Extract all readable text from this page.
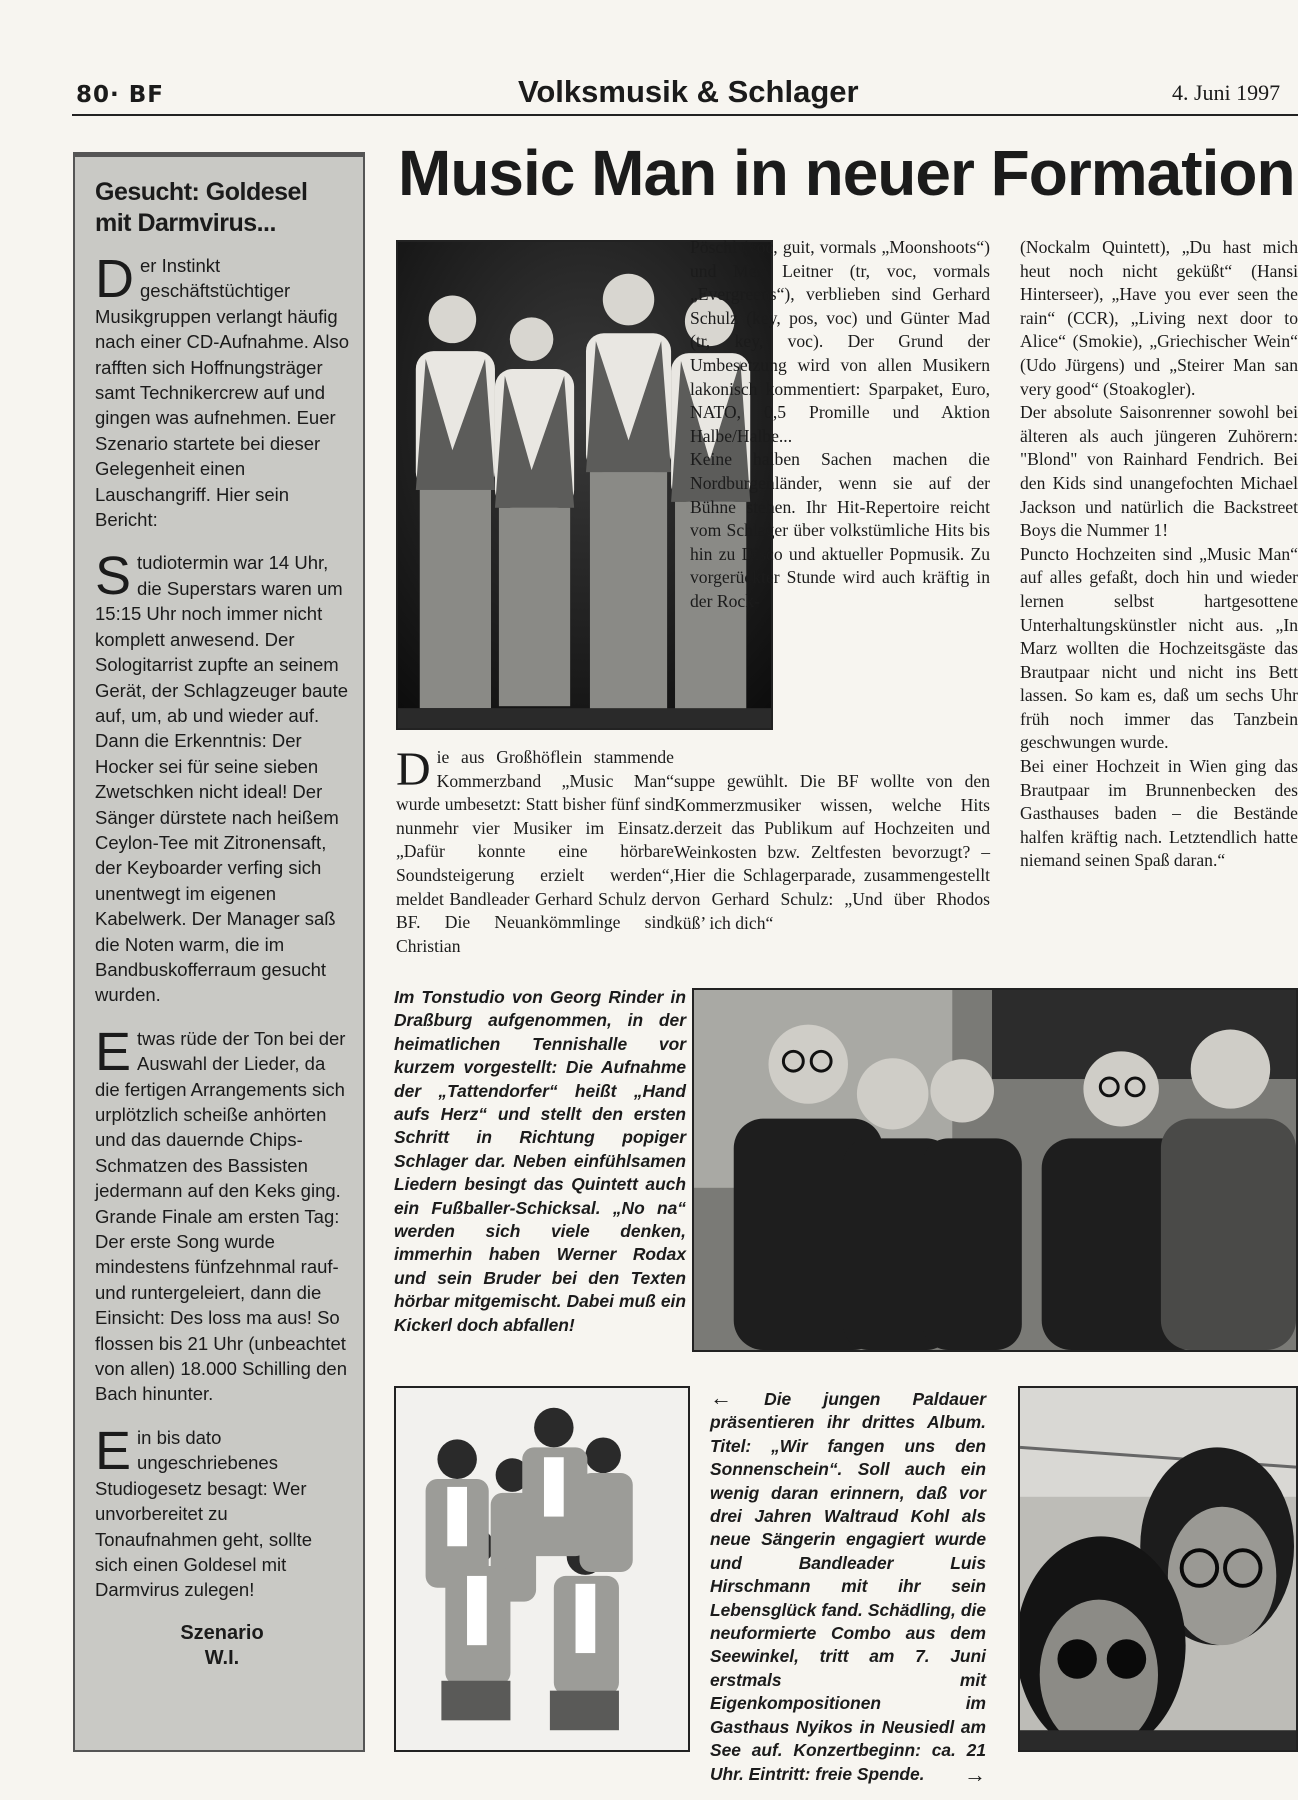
80· BF	Volksmusik & Schlager	4. Juni 1997
Gesucht: Goldesel mit Darmvirus...
Der Instinkt geschäftstüchtiger Musikgruppen verlangt häufig nach einer CD-Aufnahme. Also rafften sich Hoffnungsträger samt Technikercrew auf und gingen was aufnehmen. Euer Szenario startete bei dieser Gelegenheit einen Lauschangriff. Hier sein Bericht:
Studiotermin war 14 Uhr, die Superstars waren um 15:15 Uhr noch immer nicht komplett anwesend. Der Sologitarrist zupfte an seinem Gerät, der Schlagzeuger baute auf, um, ab und wieder auf. Dann die Erkenntnis: Der Hocker sei für seine sieben Zwetschken nicht ideal! Der Sänger dürstete nach heißem Ceylon-Tee mit Zitronensaft, der Keyboarder verfing sich unentwegt im eigenen Kabelwerk. Der Manager saß die Noten warm, die im Bandbuskofferraum gesucht wurden.
Etwas rüde der Ton bei der Auswahl der Lieder, da die fertigen Arrangements sich urplötzlich scheiße anhörten und das dauernde Chips-Schmatzen des Bassisten jedermann auf den Keks ging. Grande Finale am ersten Tag: Der erste Song wurde mindestens fünfzehnmal rauf- und runtergeleiert, dann die Einsicht: Des loss ma aus! So flossen bis 21 Uhr (unbeachtet von allen) 18.000 Schilling den Bach hinunter.
Ein bis dato ungeschriebenes Studiogesetz besagt: Wer unvorbereitet zu Tonaufnahmen geht, sollte sich einen Goldesel mit Darmvirus zulegen!
Szenario
W.I.
Music Man in neuer Formation

Die aus Großhöflein stammende Kommerzband „Music Man“ wurde umbesetzt: Statt bisher fünf sind nunmehr vier Musiker im Einsatz. „Dafür konnte eine hörbare Soundsteigerung erzielt werden“, meldet Bandleader Gerhard Schulz der BF. Die Neuankömmlinge sind Christian

Pöschl (voc, guit, vormals „Moonshoots“) und Mex Leitner (tr, voc, vormals „Evergreens“), verblieben sind Gerhard Schulz (key, pos, voc) und Günter Mad (tr, key, voc). Der Grund der Umbesetzung wird von allen Musikern lakonisch kommentiert: Sparpaket, Euro, NATO, 0,5 Promille und Aktion Halbe/Halbe...

Keine halben Sachen machen die Nordburgenländer, wenn sie auf der Bühne stehen. Ihr Hit-Repertoire reicht vom Schlager über volkstümliche Hits bis hin zu Disco und aktueller Popmusik. Zu vorgerückter Stunde wird auch kräftig in der Rock-

suppe gewühlt. Die BF wollte von den Kommerzmusiker wissen, welche Hits derzeit das Publikum auf Hochzeiten und Weinkosten bzw. Zeltfesten bevorzugt? – Hier die Schlagerparade, zusammengestellt von Gerhard Schulz: „Und über Rhodos küß’ ich dich“

(Nockalm Quintett), „Du hast mich heut noch nicht geküßt“ (Hansi Hinterseer), „Have you ever seen the rain“ (CCR), „Living next door to Alice“ (Smokie), „Griechischer Wein“ (Udo Jürgens) und „Steirer Man san very good“ (Stoakogler).

Der absolute Saisonrenner sowohl bei älteren als auch jüngeren Zuhörern: "Blond" von Rainhard Fendrich. Bei den Kids sind unangefochten Michael Jackson und natürlich die Backstreet Boys die Nummer 1!

Puncto Hochzeiten sind „Music Man“ auf alles gefaßt, doch hin und wieder lernen selbst hartgesottene Unterhaltungskünstler nicht aus. „In Marz wollten die Hochzeitsgäste das Brautpaar nicht und nicht ins Bett lassen. So kam es, daß um sechs Uhr früh noch immer das Tanzbein geschwungen wurde.

Bei einer Hochzeit in Wien ging das Brautpaar im Brunnenbecken des Gasthauses baden – die Bestände halfen kräftig nach. Letztendlich hatte niemand seinen Spaß daran.“

Im Tonstudio von Georg Rinder in Draßburg aufgenommen, in der heimatlichen Tennishalle vor kurzem vorgestellt: Die Aufnahme der „Tattendorfer“ heißt „Hand aufs Herz“ und stellt den ersten Schritt in Richtung popiger Schlager dar. Neben einfühlsamen Liedern besingt das Quintett auch ein Fußballer-Schicksal. „No na“ werden sich viele denken, immerhin haben Werner Rodax und sein Bruder bei den Texten hörbar mitgemischt. Dabei muß ein Kickerl doch abfallen!
← Die jungen Paldauer präsentieren ihr drittes Album. Titel: „Wir fangen uns den Sonnenschein“. Soll auch ein wenig daran erinnern, daß vor drei Jahren Waltraud Kohl als neue Sängerin engagiert wurde und Bandleader Luis Hirschmann mit ihr sein Lebensglück fand. Schädling, die neuformierte Combo aus dem Seewinkel, tritt am 7. Juni erstmals mit Eigenkompositionen im Gasthaus Nyikos in Neusiedl am See auf. Konzertbeginn: ca. 21 Uhr. Eintritt: freie Spende. →
